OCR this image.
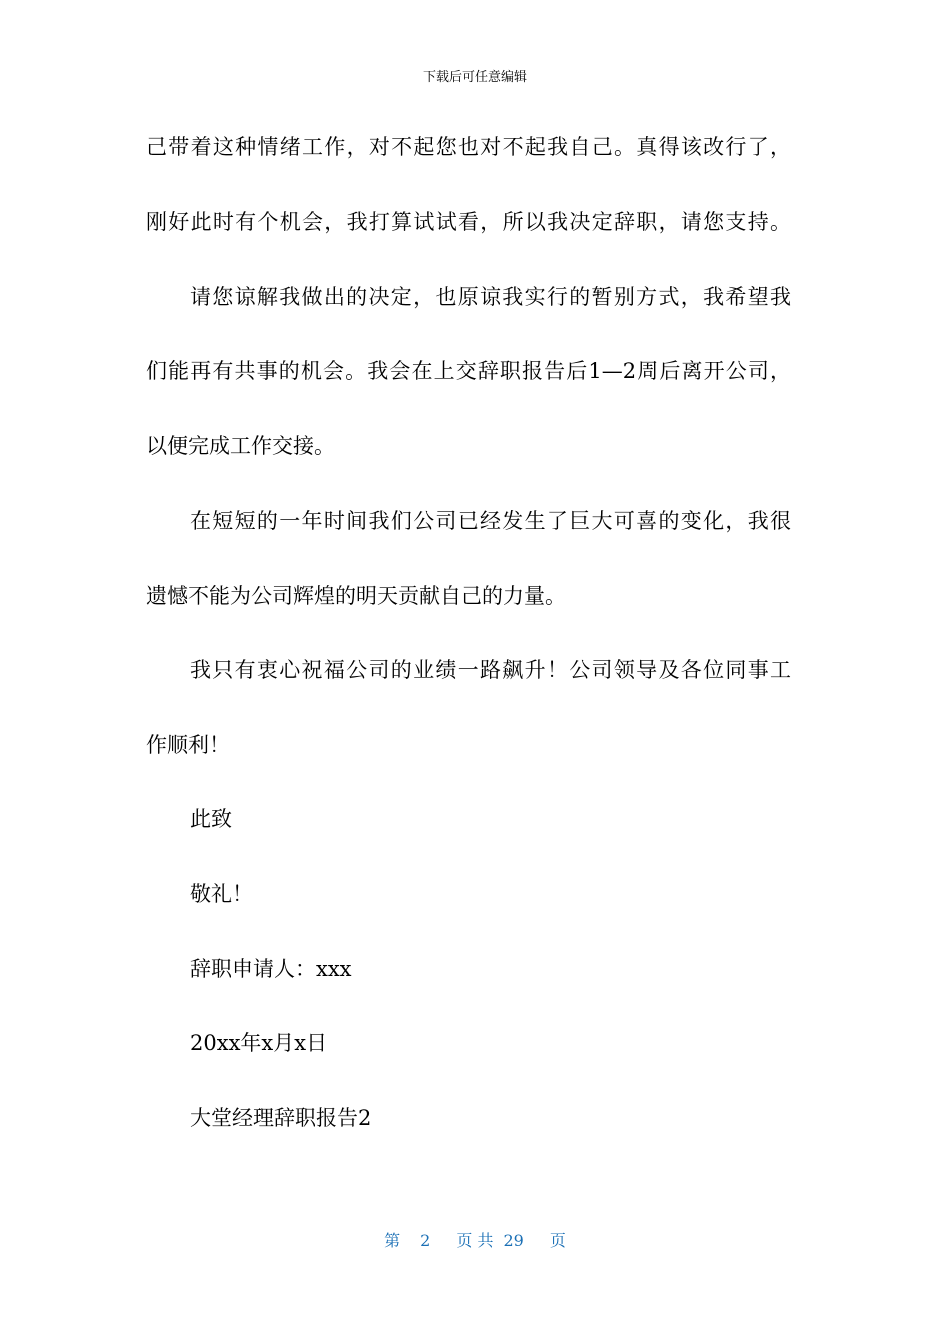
下载后可任意编辑
己带着这种情绪工作，对不起您也对不起我自己。真得该改行了，
刚好此时有个机会，我打算试试看，所以我决定辞职，请您支持。
请您谅解我做出的决定，也原谅我实行的暂别方式，我希望我
们能再有共事的机会。我会在上交辞职报告后1—2周后离开公司，
以便完成工作交接。
在短短的一年时间我们公司已经发生了巨大可喜的变化，我很
遗憾不能为公司辉煌的明天贡献自己的力量。
我只有衷心祝福公司的业绩一路飙升！公司领导及各位同事工
作顺利！
此致
敬礼！
辞职申请人：xxx
20xx年x月x日
大堂经理辞职报告2
第 2 页 共 29 页
